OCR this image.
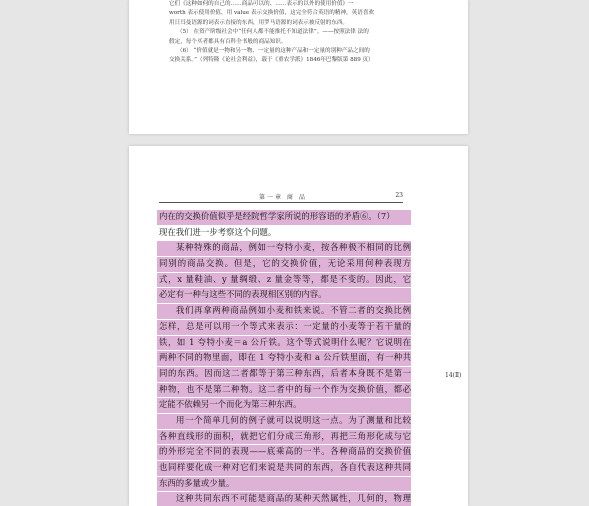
它们《这种如何的自己的……商品可以的、……表示的以外的使用价值》一
worth 表示使用价值，用 value 表示交换价值，这完全符合英语的精神，英语喜欢
用日耳曼语源的词表示直接的东西，用罗马语源的词表示被反射的东西。
（5） 在资产阶级社会中“任何人都不能推托不知道法律”。——按照法律 法的
假定，每个买者都具有百科全书般的商品知识。
（6） “价值就是一物和另一物、一定量的这种产品和一定量的别种产品之间的
交换关系。”（列特隆《论社会利益》，载于《重农学派》1846年巴黎版第 889 页）
第一章 商 品	23
内在的交换价值似乎是经院哲学家所说的形容语的矛盾⑥。（7）
现在我们进一步考察这个问题。
某种特殊的商品，例如一夸特小麦，按各种极不相同的比例
同别的商品交换。但是，它的交换价值，无论采用何种表现方
式，x 量鞋油、y 量绸缎、z 量金等等，都是不变的。因此，它
必定有一种与这些不同的表现相区别的内容。
我们再拿两种商品例如小麦和铁来说。不管二者的交换比例
怎样，总是可以用一个等式来表示：一定量的小麦等于若干量的
铁，如 1 夸特小麦＝a 公斤铁。这个等式说明什么呢？它说明在
两种不同的物里面，即在 1 夸特小麦和 a 公斤铁里面，有一种共
同的东西。因而这二者都等于第三种东西，后者本身既不是第一	14(Ⅱ)
种物，也不是第二种物。这二者中的每一个作为交换价值，都必
定能不依赖另一个而化为第三种东西。
用一个简单几何的例子就可以说明这一点。为了测量和比较
各种直线形的面积，就把它们分成三角形，再把三角形化成与它
的外形完全不同的表现——底乘高的一半。各种商品的交换价值
也同样要化成一种对它们来说是共同的东西，各自代表这种共同
东西的多量或少量。
这种共同东西不可能是商品的某种天然属性，几何的，物理
